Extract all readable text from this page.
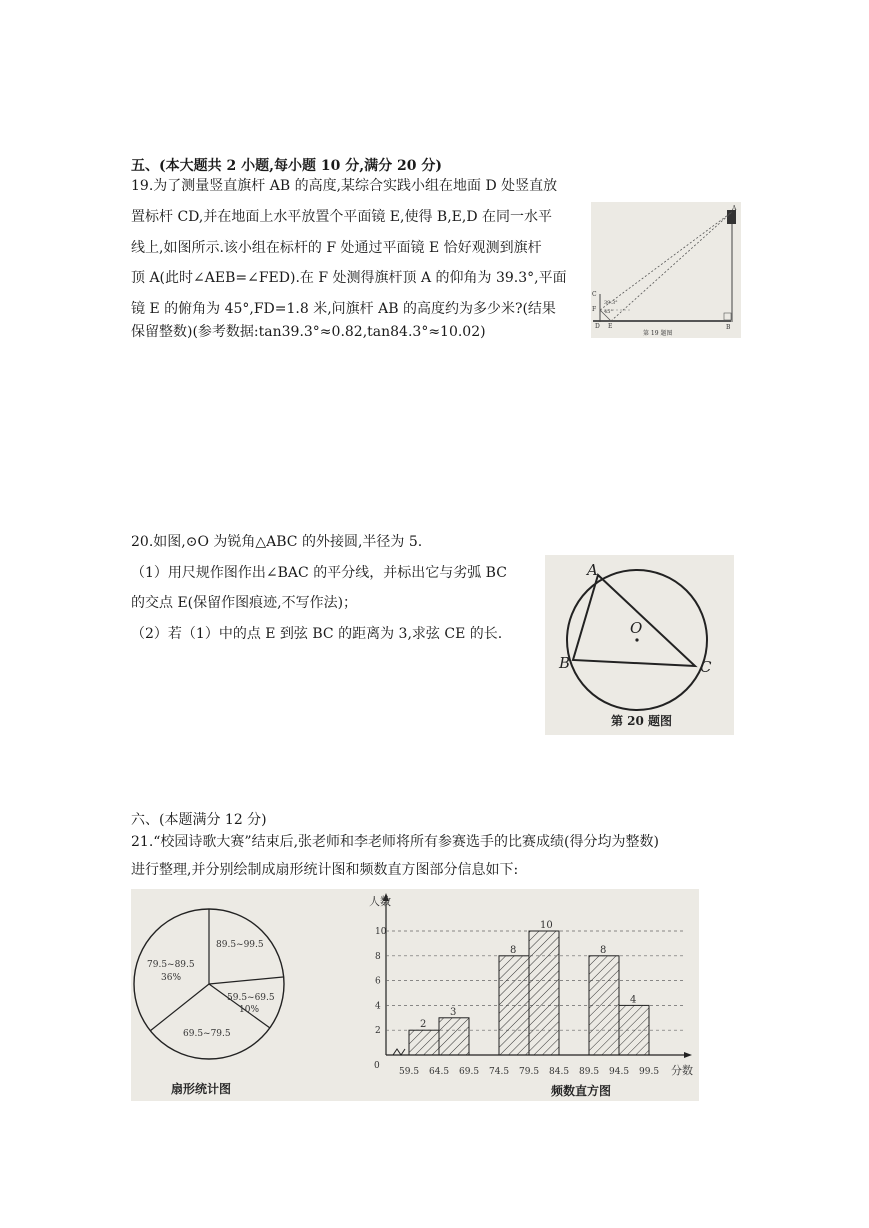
五、(本大题共 2 小题,每小题 10 分,满分 20 分)
19.为了测量竖直旗杆 AB 的高度,某综合实践小组在地面 D 处竖直放
置标杆 CD,并在地面上水平放置个平面镜 E,使得 B,E,D 在同一水平
线上,如图所示.该小组在标杆的 F 处通过平面镜 E 恰好观测到旗杆
顶 A(此时∠AEB=∠FED).在 F 处测得旗杆顶 A 的仰角为 39.3°,平面
镜 E 的俯角为 45°,FD=1.8 米,问旗杆 AB 的高度约为多少米?(结果
保留整数)(参考数据:tan39.3°≈0.82,tan84.3°≈10.02)
A
C
F
D E	B
39.3°
45°
第 19 题图
20.如图,⊙O 为锐角△ABC 的外接圆,半径为 5.
（1）用尺规作图作出∠BAC 的平分线，并标出它与劣弧 BC
的交点 E(保留作图痕迹,不写作法)；
（2）若（1）中的点 E 到弦 BC 的距离为 3,求弦 CE 的长.
A
B	C
O
第 20 题图
六、(本题满分 12 分)
21.“校园诗歌大赛”结束后,张老师和李老师将所有参赛选手的比赛成绩(得分均为整数)
进行整理,并分别绘制成扇形统计图和频数直方图部分信息如下:
79.5~89.5
36%
89.5~99.5
59.5~69.5
10%
69.5~79.5
扇形统计图
人数
分数
频数直方图
59.5 64.5 69.5 74.5 79.5 84.5 89.5 94.5 99.5
0
2
4
6
8
10
2
3
8
10
8
4
